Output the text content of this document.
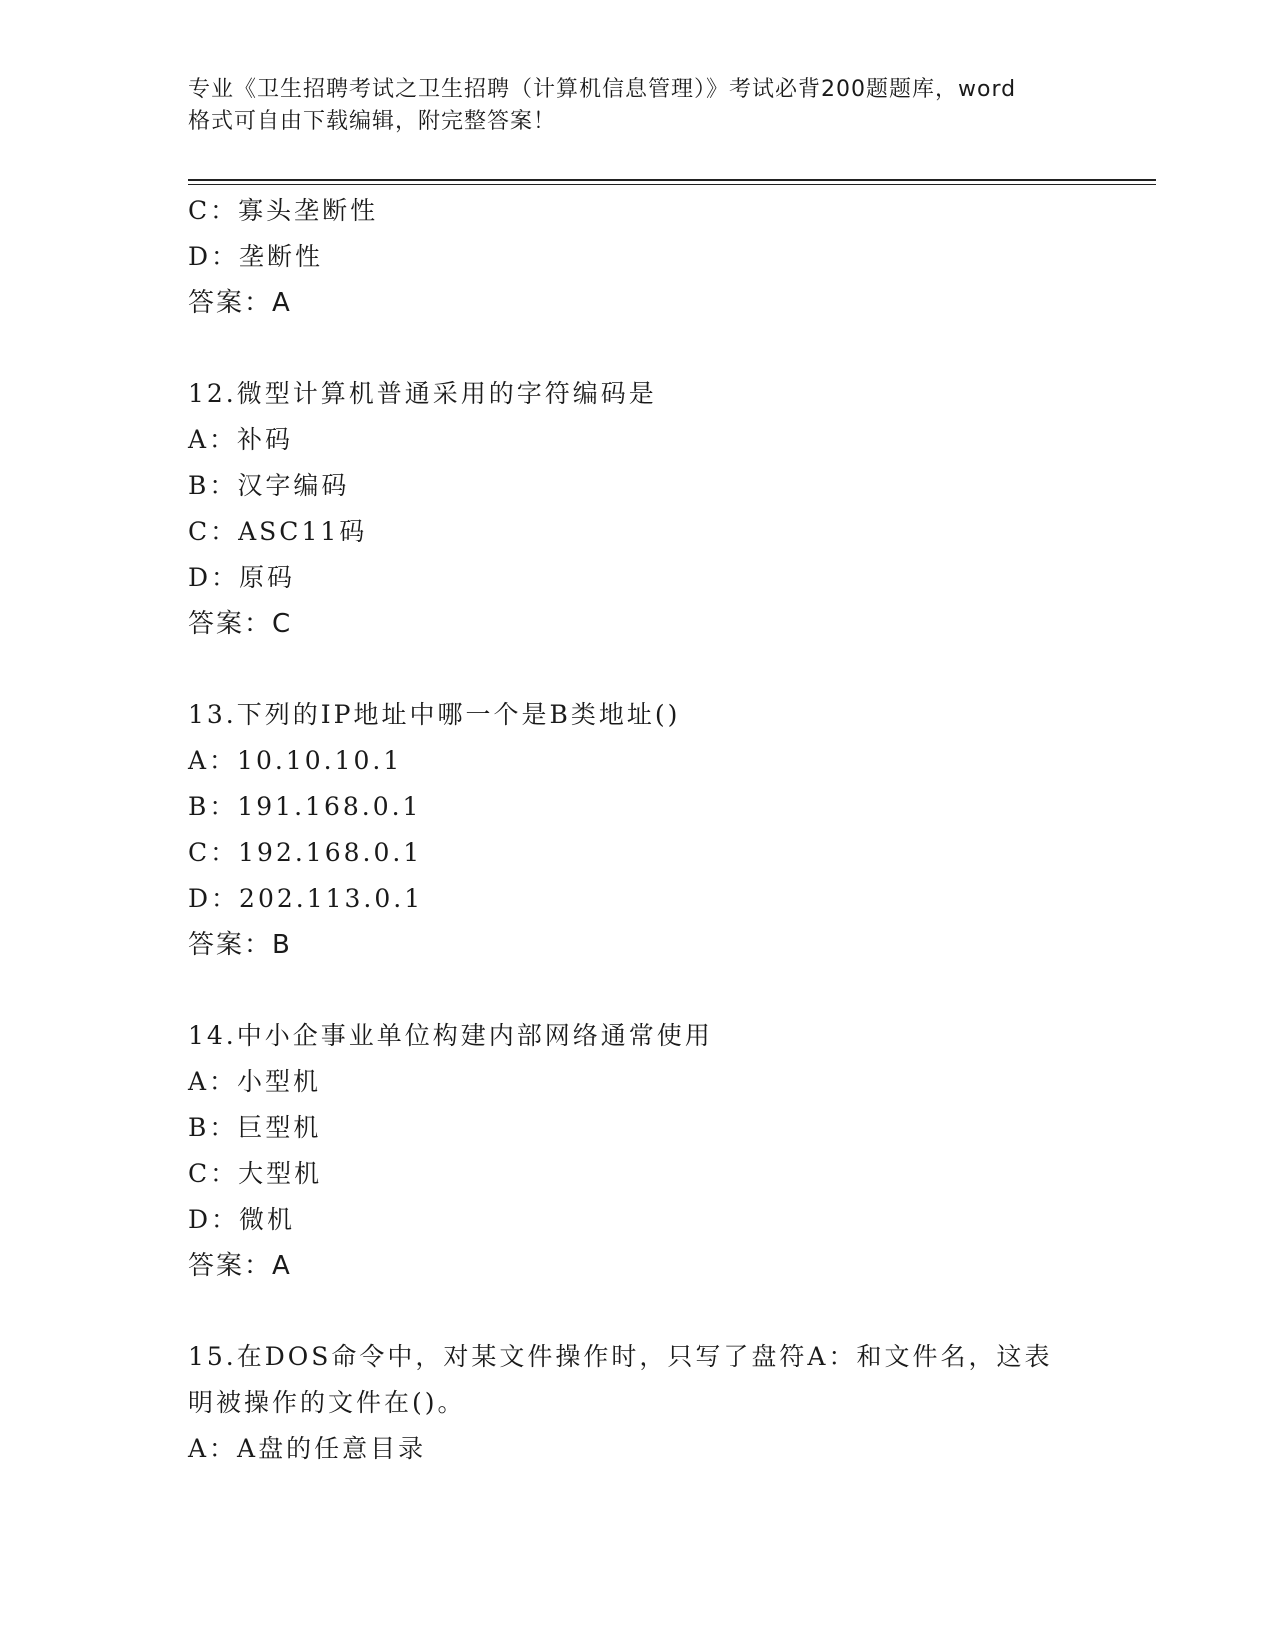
专业《卫生招聘考试之卫生招聘（计算机信息管理）》考试必背200题题库，word
格式可自由下载编辑，附完整答案！
C：寡头垄断性
D：垄断性
答案：A
12.微型计算机普通采用的字符编码是
A：补码
B：汉字编码
C：ASC11码
D：原码
答案：C
13.下列的IP地址中哪一个是B类地址()
A：10.10.10.1
B：191.168.0.1
C：192.168.0.1
D：202.113.0.1
答案：B
14.中小企事业单位构建内部网络通常使用
A：小型机
B：巨型机
C：大型机
D：微机
答案：A
15.在DOS命令中，对某文件操作时，只写了盘符A：和文件名，这表
明被操作的文件在()。
A：A盘的任意目录
